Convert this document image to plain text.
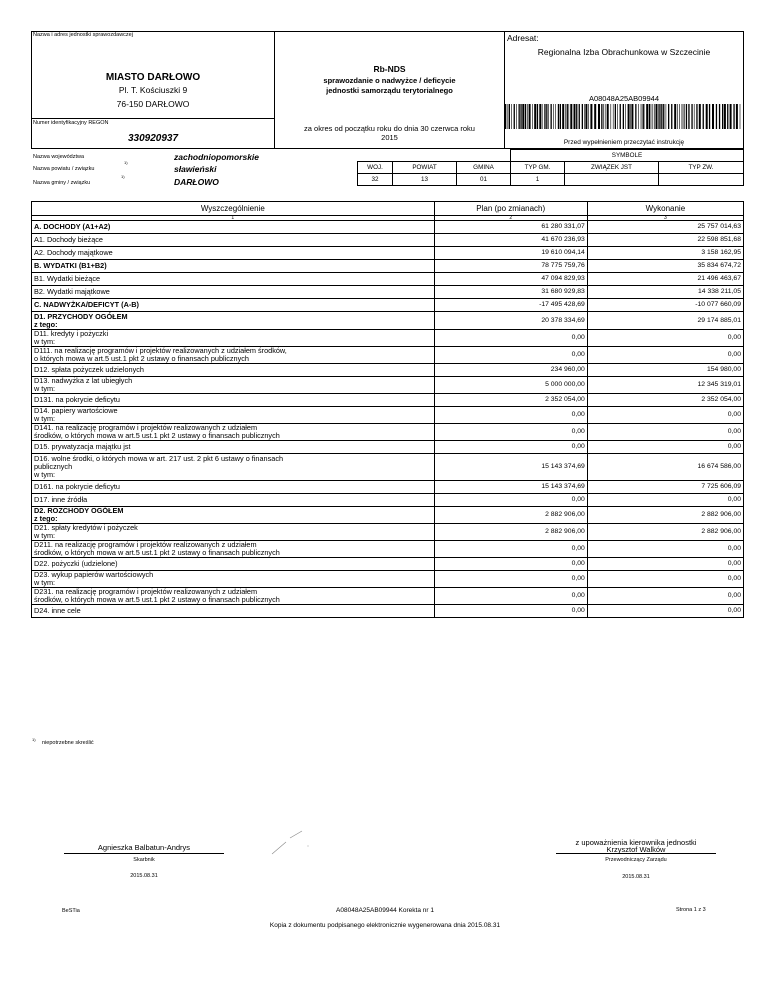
Nazwa i adres jednostki sprawozdawczej
MIASTO DARŁOWO
Pl. T. Kościuszki 9
76-150 DARŁOWO
Numer identyfikacyjny REGON
330920937
Rb-NDS
sprawozdanie o nadwyżce / deficycie
jednostki samorządu terytorialnego
za okres od początku roku do dnia 30 czerwca roku
2015
Adresat:
Regionalna Izba Obrachunkowa w Szczecinie
A08048A25AB09944
Przed wypełnieniem przeczytać instrukcję
Nazwa województwa	zachodniopomorskie
Nazwa powiatu / związku
1)
sławieński
Nazwa gminy / związku
1)
DARŁOWO
			SYMBOLE		
WOJ.	POWIAT	GMINA	TYP GM.	ZWIĄZEK JST	TYP ZW.
32	13	01	1		
Wyszczególnienie	Plan (po zmianach)	Wykonanie
1	2	3
A. DOCHODY (A1+A2)	61 280 331,07	25 757 014,63
A1. Dochody bieżące	41 670 236,93	22 598 851,68
A2. Dochody majątkowe	19 610 094,14	3 158 162,95
B. WYDATKI (B1+B2)	78 775 759,76	35 834 674,72
B1. Wydatki bieżące	47 094 829,93	21 496 463,67
B2. Wydatki majątkowe	31 680 929,83	14 338 211,05
C. NADWYŻKA/DEFICYT (A-B)	-17 495 428,69	-10 077 660,09
D1. PRZYCHODY OGÓŁEM
z tego:	20 378 334,69	29 174 885,01
D11. kredyty i pożyczki
w tym:	0,00	0,00
D111. na realizację programów i projektów realizowanych z udziałem środków,
o których mowa w art.5 ust.1 pkt 2 ustawy o finansach publicznych	0,00	0,00
D12. spłata pożyczek udzielonych	234 960,00	154 980,00
D13. nadwyżka z lat ubiegłych
w tym:	5 000 000,00	12 345 319,01
D131. na pokrycie deficytu	2 352 054,00	2 352 054,00
D14. papiery wartościowe
w tym:	0,00	0,00
D141. na realizację programów i projektów realizowanych z udziałem
środków, o których mowa w art.5 ust.1 pkt 2 ustawy o finansach publicznych	0,00	0,00
D15. prywatyzacja majątku jst	0,00	0,00
D16. wolne środki, o których mowa w art. 217 ust. 2 pkt 6 ustawy o finansach
publicznych
w tym:	15 143 374,69	16 674 586,00
D161. na pokrycie deficytu	15 143 374,69	7 725 606,09
D17. inne źródła	0,00	0,00
D2. ROZCHODY OGÓŁEM
z tego:	2 882 906,00	2 882 906,00
D21. spłaty kredytów i pożyczek
w tym:	2 882 906,00	2 882 906,00
D211. na realizację programów i projektów realizowanych z udziałem
środków, o których mowa w art.5 ust.1 pkt 2 ustawy o finansach publicznych	0,00	0,00
D22. pożyczki (udzielone)	0,00	0,00
D23. wykup papierów wartościowych
w tym:	0,00	0,00
D231. na realizację programów i projektów realizowanych z udziałem
środków, o których mowa w art.5 ust.1 pkt 2 ustawy o finansach publicznych	0,00	0,00
D24. inne cele	0,00	0,00
1)
niepotrzebne skreślić
Agnieszka Balbatun-Andrys
Skarbnik
2015.08.31
z upoważnienia kierownika jednostki
Krzysztof Walków
Przewodniczący Zarządu
2015.08.31
BeSTia	A08048A25AB09944 Korekta nr 1	Strona 1 z 3
Kopia z dokumentu podpisanego elektronicznie wygenerowana dnia 2015.08.31
